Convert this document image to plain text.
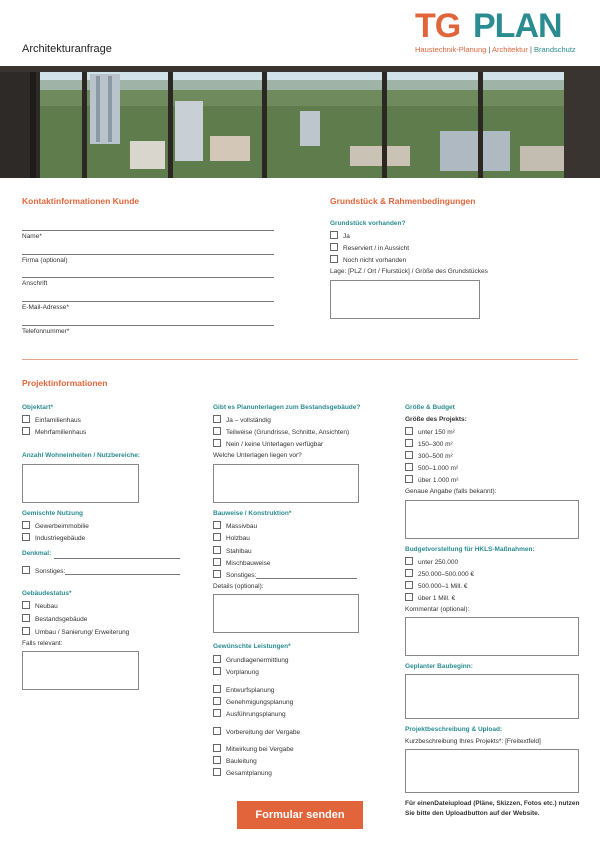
Architekturanfrage
TG PLAN
Haustechnik-Planung | Architektur | Brandschutz
Kontaktinformationen Kunde
Name*
Firma (optional)
Anschrift
E-Mail-Adresse*
Telefonnummer*
Grundstück & Rahmenbedingungen
Grundstück vorhanden?
Ja
Reserviert / in Aussicht
Noch nicht vorhanden
Lage: [PLZ / Ort / Flurstück] / Größe des Grundstückes
Projektinformationen
Objektart*
Einfamilienhaus
Mehrfamilienhaus
Anzahl Wohneinheiten / Nutzbereiche:
Gemischte Nutzung
Gewerbeimmobilie
Industriegebäude
Denkmal:
Sonstiges:
Gebäudestatus*
Neubau
Bestandsgebäude
Umbau / Sanierung/ Erweiterung
Falls relevant:
Gibt es Planunterlagen zum Bestandsgebäude?
Ja – vollständig
Teilweise (Grundrisse, Schnitte, Ansichten)
Nein / keine Unterlagen verfügbar
Welche Unterlagen liegen vor?
Bauweise / Konstruktion*
Massivbau
Holzbau
Stahlbau
Mischbauweise
Sonstiges:
Details (optional):
Gewünschte Leistungen*
Grundlagenermittlung
Vorplanung
Entwurfsplanung
Genehmigungsplanung
Ausführungsplanung
Vorbereitung der Vergabe
Mitwirkung bei Vergabe
Bauleitung
Gesamtplanung
Größe & Budget
Größe des Projekts:
unter 150 m²
150–300 m²
300–500 m²
500–1.000 m²
über 1.000 m²
Genaue Angabe (falls bekannt):
Budgetvorstellung für HKLS-Maßnahmen:
unter 250.000
250.000–500.000 €
500.000–1 Mill. €
über 1 Mill. €
Kommentar (optional):
Geplanter Baubeginn:
Projektbeschreibung & Upload:
Kurzbeschreibung Ihres Projekts*: [Freitextfeld]
Formular senden
Für einenDateiupload (Pläne, Skizzen, Fotos etc.) nutzen Sie bitte den Uploadbutton auf der Website.
